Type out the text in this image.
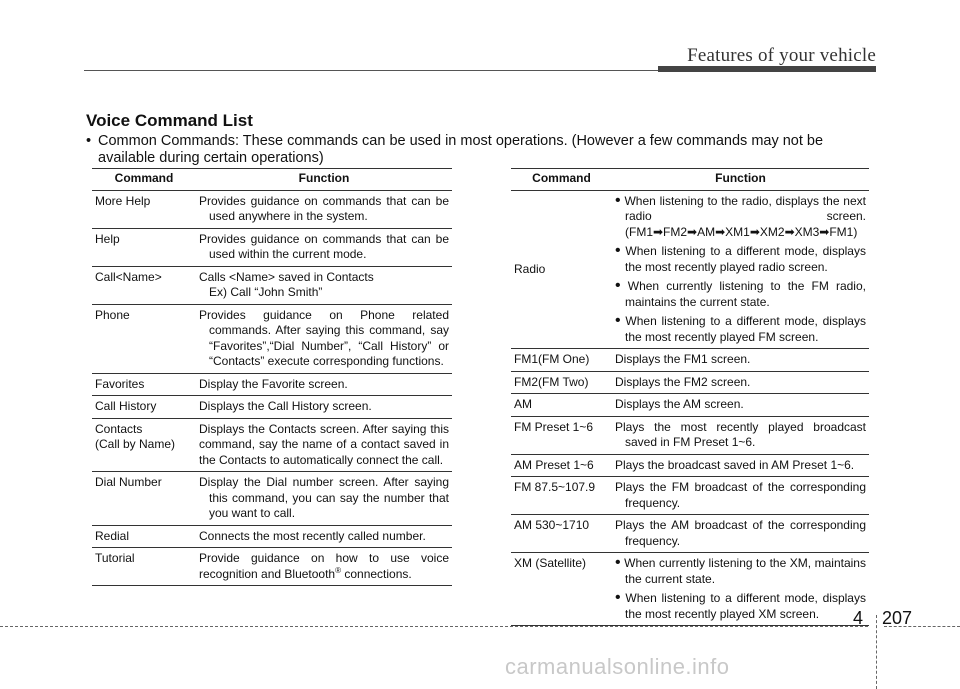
Features of your vehicle
Voice Command List
• Common Commands: These commands can be used in most operations. (However a few commands may not be
available during certain operations)
Command	Function
More Help	Provides guidance on commands that can be used anywhere in the system.

Help	Provides guidance on commands that can be used within the current mode.

Call<Name>	Calls <Name> saved in Contacts
Ex) Call “John Smith”

Phone	Provides guidance on Phone related commands. After saying this command, say “Favorites”,“Dial Number”, “Call History” or “Contacts” execute corresponding functions.

Favorites	Display the Favorite screen.
Call History	Displays the Call History screen.

Contacts
(Call by Name)	Displays the Contacts screen. After saying this command, say the name of a contact saved in the Contacts to automatically connect the call.
Dial Number	Display the Dial number screen. After saying this command, you can say the number that you want to call.

Redial	Connects the most recently called number.
Tutorial	Provide guidance on how to use voice recognition and Bluetooth® connections.
Command	Function
Radio	• When listening to the radio, displays the next radio screen. (FM1➡FM2➡AM➡XM1➡XM2➡XM3➡FM1)
• When listening to a different mode, displays the most recently played radio screen.
• When currently listening to the FM radio, maintains the current state.
• When listening to a different mode, displays the most recently played FM screen.

FM1(FM One)	Displays the FM1 screen.
FM2(FM Two)	Displays the FM2 screen.
AM	Displays the AM screen.
FM Preset 1~6	Plays the most recently played broadcast saved in FM Preset 1~6.

AM Preset 1~6	Plays the broadcast saved in AM Preset 1~6.
FM 87.5~107.9	Plays the FM broadcast of the corresponding frequency.

AM 530~1710	Plays the AM broadcast of the corresponding frequency.

XM (Satellite)	• When currently listening to the XM, maintains the current state.
• When listening to a different mode, displays the most recently played XM screen.	4 207
carmanualsonline.info
